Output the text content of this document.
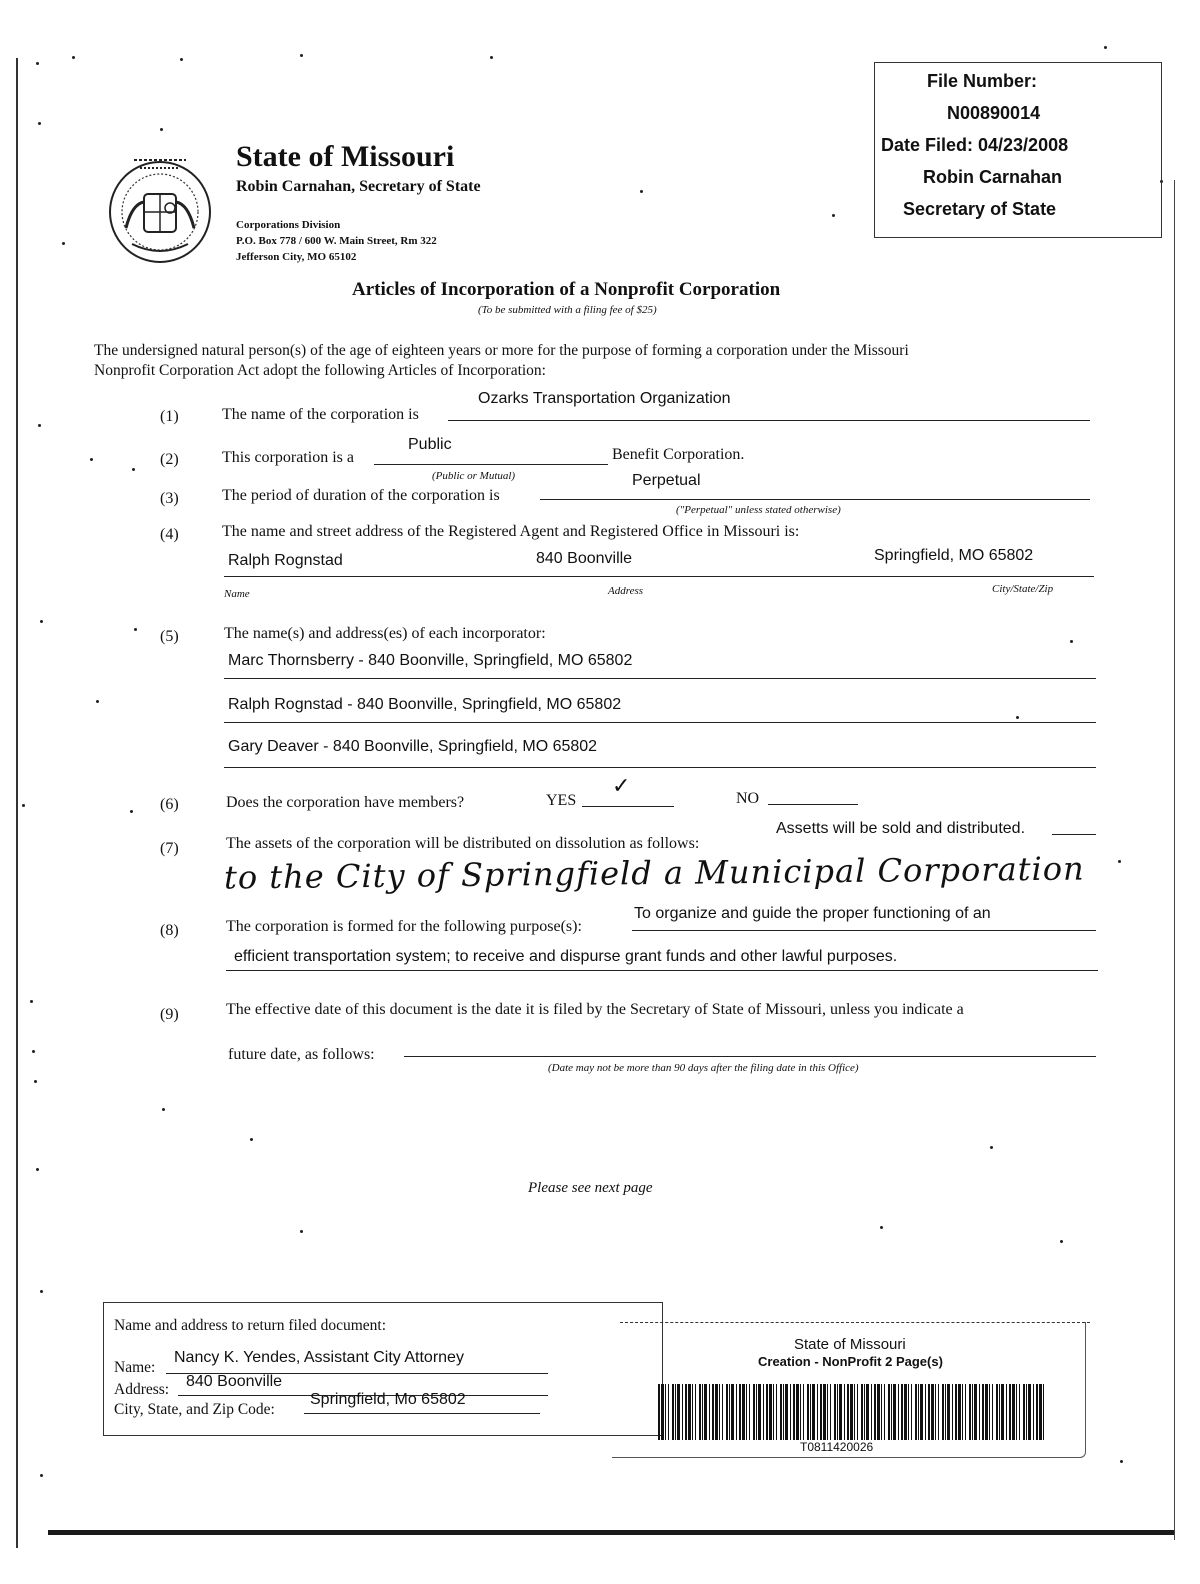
State of Missouri
Robin Carnahan, Secretary of State
Corporations Division
P.O. Box 778 / 600 W. Main Street, Rm 322
Jefferson City, MO 65102
File Number:
N00890014
Date Filed: 04/23/2008
Robin Carnahan
Secretary of State
Articles of Incorporation of a Nonprofit Corporation
(To be submitted with a filing fee of $25)
The undersigned natural person(s) of the age of eighteen years or more for the purpose of forming a corporation under the Missouri
Nonprofit Corporation Act adopt the following Articles of Incorporation:
(1)	The name of the corporation is
Ozarks Transportation Organization
(2)	This corporation is a
Public
Benefit Corporation.
(Public or Mutual)
(3)	The period of duration of the corporation is
Perpetual
("Perpetual" unless stated otherwise)
(4)	The name and street address of the Registered Agent and Registered Office in Missouri is:
Ralph Rognstad	840 Boonville	Springfield, MO 65802
Name	Address	City/State/Zip
(5)	The name(s) and address(es) of each incorporator:
Marc Thornsberry - 840 Boonville, Springfield, MO 65802
Ralph Rognstad - 840 Boonville, Springfield, MO 65802
Gary Deaver - 840 Boonville, Springfield, MO 65802
(6)	Does the corporation have members?	YES
✓	NO
(7)	The assets of the corporation will be distributed on dissolution as follows:
Assetts will be sold and distributed.
to the City of Springfield a Municipal Corporation
(8)	The corporation is formed for the following purpose(s):
To organize and guide the proper functioning of an
efficient transportation system; to receive and dispurse grant funds and other lawful purposes.
(9)	The effective date of this document is the date it is filed by the Secretary of State of Missouri, unless you indicate a
future date, as follows:
(Date may not be more than 90 days after the filing date in this Office)
Please see next page
Name and address to return filed document:
Name:
Nancy K. Yendes, Assistant City Attorney
Address: 840 Boonville
City, State, and Zip Code:
Springfield, Mo 65802
State of Missouri
Creation - NonProfit 2 Page(s)
T0811420026
